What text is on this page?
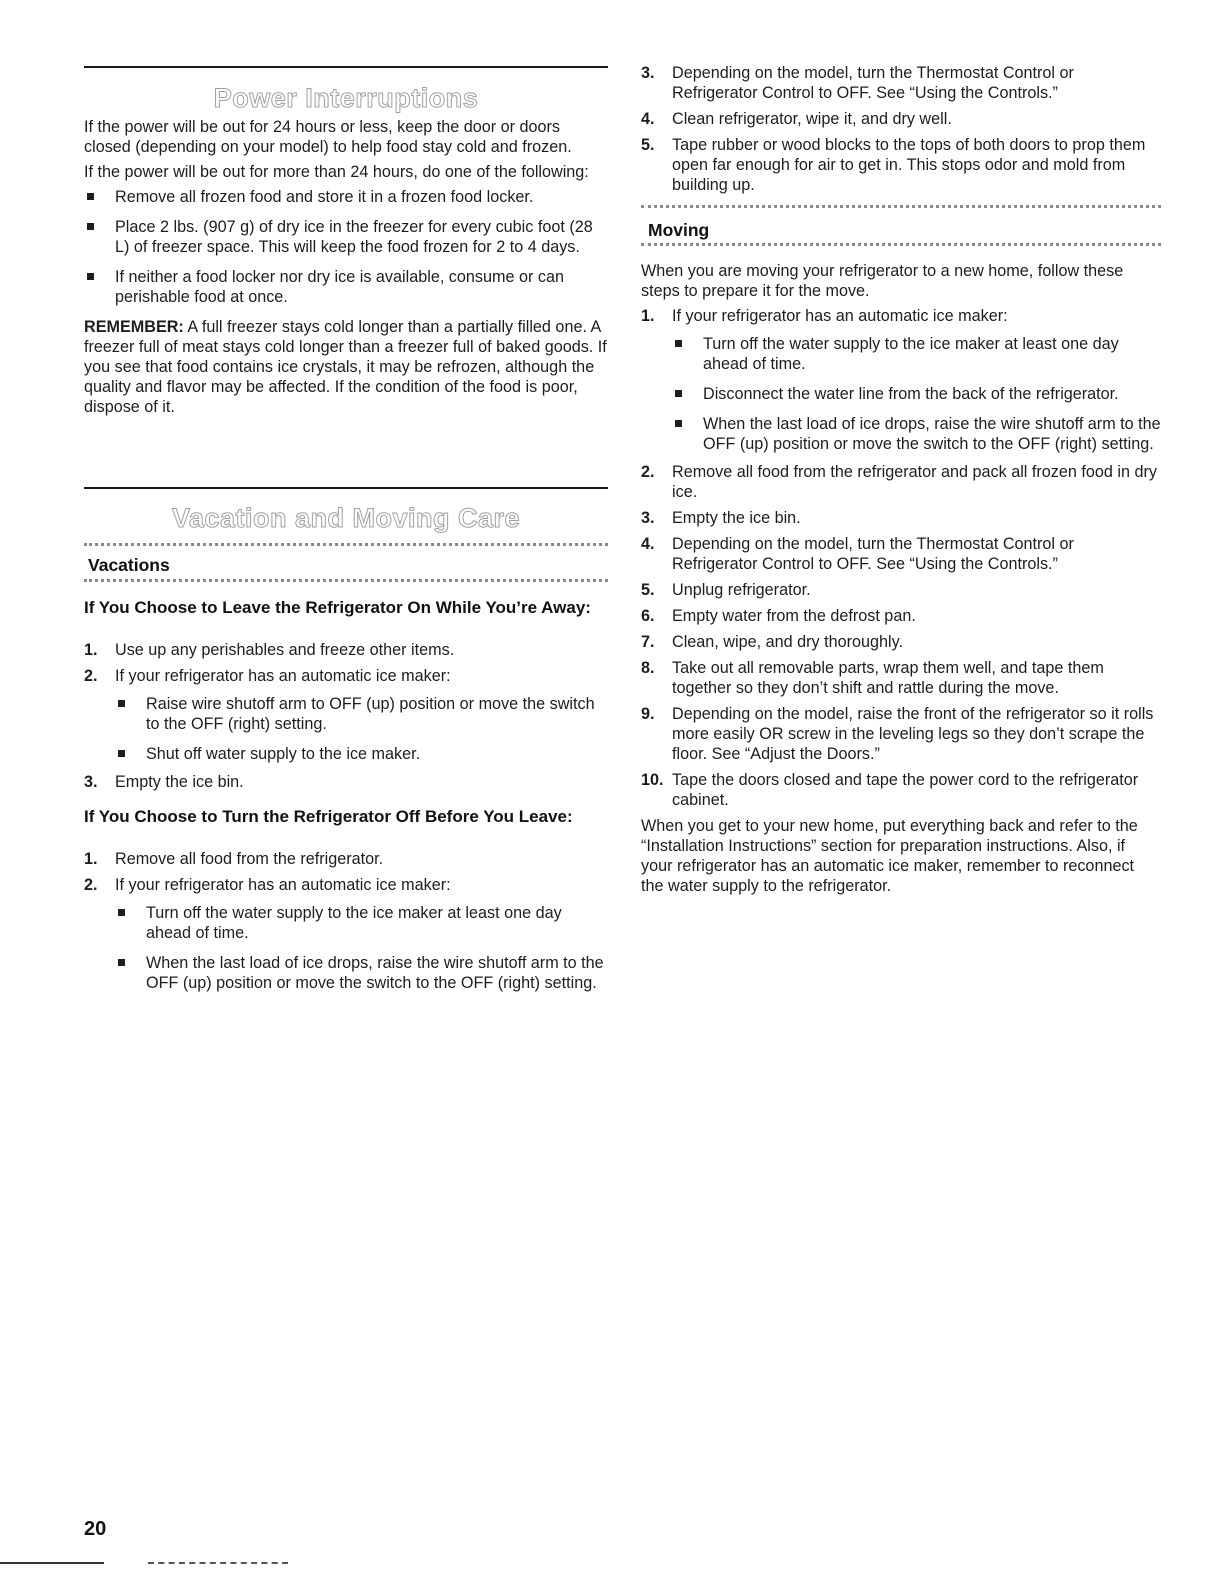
Power Interruptions

If the power will be out for 24 hours or less, keep the door or doors closed (depending on your model) to help food stay cold and frozen.

If the power will be out for more than 24 hours, do one of the following:

Remove all frozen food and store it in a frozen food locker.
Place 2 lbs. (907 g) of dry ice in the freezer for every cubic foot (28 L) of freezer space. This will keep the food frozen for 2 to 4 days.
If neither a food locker nor dry ice is available, consume or can perishable food at once.

REMEMBER: A full freezer stays cold longer than a partially filled one. A freezer full of meat stays cold longer than a freezer full of baked goods. If you see that food contains ice crystals, it may be refrozen, although the quality and flavor may be affected. If the condition of the food is poor, dispose of it.

Vacation and Moving Care
Vacations
If You Choose to Leave the Refrigerator On While You’re Away:
1. Use up any perishables and freeze other items.
2. If your refrigerator has an automatic ice maker:
Raise wire shutoff arm to OFF (up) position or move the switch to the OFF (right) setting.
Shut off water supply to the ice maker.
3. Empty the ice bin.
If You Choose to Turn the Refrigerator Off Before You Leave:
1. Remove all food from the refrigerator.
2. If your refrigerator has an automatic ice maker:
Turn off the water supply to the ice maker at least one day ahead of time.
When the last load of ice drops, raise the wire shutoff arm to the OFF (up) position or move the switch to the OFF (right) setting.
20
3. Depending on the model, turn the Thermostat Control or Refrigerator Control to OFF. See “Using the Controls.”
4. Clean refrigerator, wipe it, and dry well.
5. Tape rubber or wood blocks to the tops of both doors to prop them open far enough for air to get in. This stops odor and mold from building up.
Moving

When you are moving your refrigerator to a new home, follow these steps to prepare it for the move.

1. If your refrigerator has an automatic ice maker:
Turn off the water supply to the ice maker at least one day ahead of time.
Disconnect the water line from the back of the refrigerator.
When the last load of ice drops, raise the wire shutoff arm to the OFF (up) position or move the switch to the OFF (right) setting.
2. Remove all food from the refrigerator and pack all frozen food in dry ice.
3. Empty the ice bin.
4. Depending on the model, turn the Thermostat Control or Refrigerator Control to OFF. See “Using the Controls.”
5. Unplug refrigerator.
6. Empty water from the defrost pan.
7. Clean, wipe, and dry thoroughly.
8. Take out all removable parts, wrap them well, and tape them together so they don’t shift and rattle during the move.
9. Depending on the model, raise the front of the refrigerator so it rolls more easily OR screw in the leveling legs so they don’t scrape the floor. See “Adjust the Doors.”
10. Tape the doors closed and tape the power cord to the refrigerator cabinet.

When you get to your new home, put everything back and refer to the “Installation Instructions” section for preparation instructions. Also, if your refrigerator has an automatic ice maker, remember to reconnect the water supply to the refrigerator.
